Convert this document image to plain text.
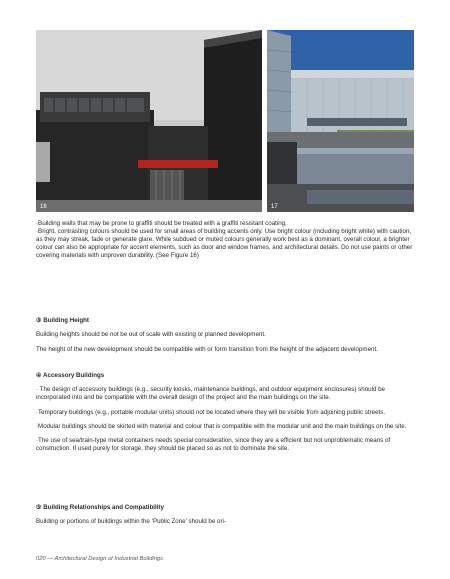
16	17

·Building walls that may be prone to graffiti should be treated with a graffiti resistant coating.

·Bright, contrasting colours should be used for small areas of building accents only. Use bright colour (including bright white) with caution, as they may streak, fade or generate glare. While subdued or muted colours generally work best as a dominant, overall colour, a brighter colour can also be appropriate for accent elements, such as door and window frames, and architectural details. Do not use paints or other covering materials with unproven durability. (See Figure 16)

③ Building Height

Building heights should be not be out of scale with existing or planned development.

The height of the new development should be compatible with or form transition from the height of the adjacent development.

④ Accessory Buildings

· The design of accessory buildings (e.g., security kiosks, maintenance buildings, and outdoor equipment enclosures) should be incorporated into and be compatible with the overall design of the project and the main buildings on the site.

·Temporary buildings (e.g., portable modular units) should not be located where they will be visible from adjoining public streets.

·Modular buildings should be skirted with material and colour that is compatible with the modular unit and the main buildings on the site.

·The use of sea/train-type metal containers needs special consideration, since they are a efficient but not unproblematic means of construction. If used purely for storage, they should be placed so as not to dominate the site.

⑤ Building Relationships and Compatibility

Building or portions of buildings within the ‘Public Zone’ should be ori-

020 — Architectural Design of Industrial Buildings
